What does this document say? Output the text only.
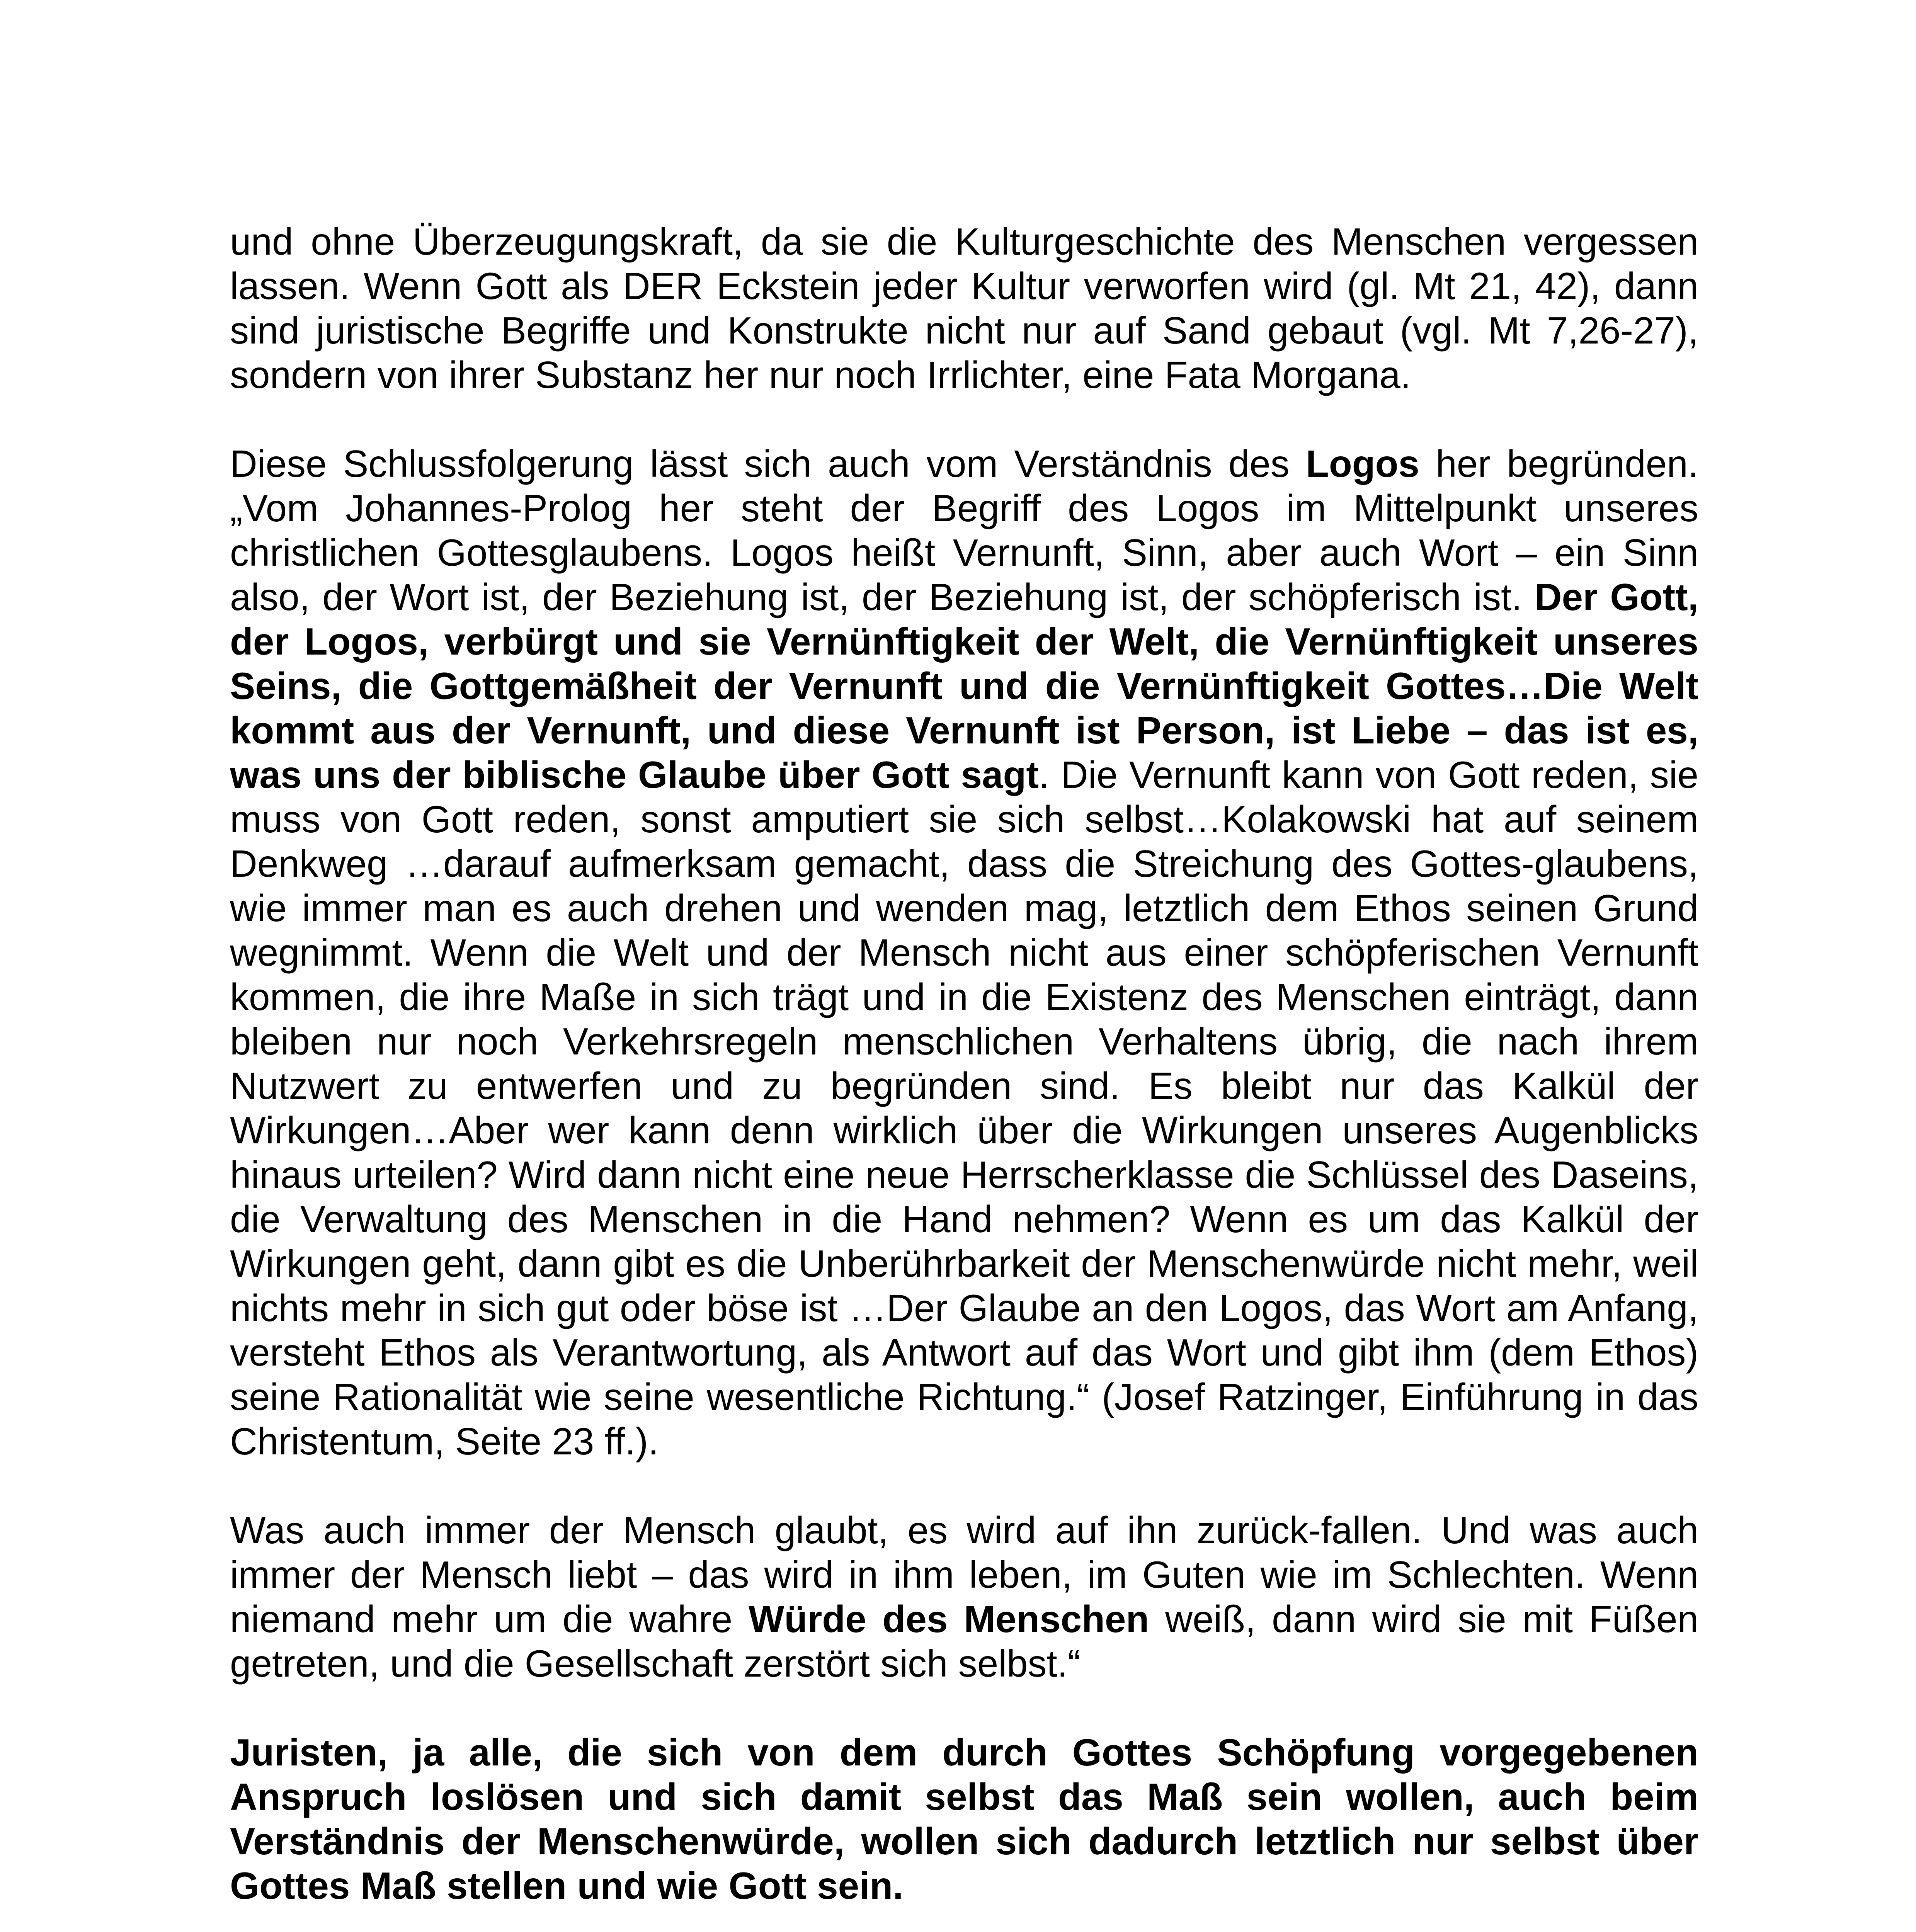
und ohne Überzeugungskraft, da sie die Kulturgeschichte des Menschen vergessen lassen. Wenn Gott als DER Eckstein jeder Kultur verworfen wird (gl. Mt 21, 42), dann sind juristische Begriffe und Konstrukte nicht nur auf Sand gebaut (vgl. Mt 7,26-27), sondern von ihrer Substanz her nur noch Irrlichter, eine Fata Morgana.

Diese Schlussfolgerung lässt sich auch vom Verständnis des Logos her begründen. „Vom Johannes-Prolog her steht der Begriff des Logos im Mittelpunkt unseres christlichen Gottesglaubens. Logos heißt Vernunft, Sinn, aber auch Wort – ein Sinn also, der Wort ist, der Beziehung ist, der Beziehung ist, der schöpferisch ist. Der Gott, der Logos, verbürgt und sie Vernünftigkeit der Welt, die Vernünftigkeit unseres Seins, die Gottgemäßheit der Vernunft und die Vernünftigkeit Gottes…Die Welt kommt aus der Vernunft, und diese Vernunft ist Person, ist Liebe – das ist es, was uns der biblische Glaube über Gott sagt. Die Vernunft kann von Gott reden, sie muss von Gott reden, sonst amputiert sie sich selbst…Kolakowski hat auf seinem Denkweg …darauf aufmerksam gemacht, dass die Streichung des Gottes-glaubens, wie immer man es auch drehen und wenden mag, letztlich dem Ethos seinen Grund wegnimmt. Wenn die Welt und der Mensch nicht aus einer schöpferischen Vernunft kommen, die ihre Maße in sich trägt und in die Existenz des Menschen einträgt, dann bleiben nur noch Verkehrsregeln menschlichen Verhaltens übrig, die nach ihrem Nutzwert zu entwerfen und zu begründen sind. Es bleibt nur das Kalkül der Wirkungen…Aber wer kann denn wirklich über die Wirkungen unseres Augenblicks hinaus urteilen? Wird dann nicht eine neue Herrscherklasse die Schlüssel des Daseins, die Verwaltung des Menschen in die Hand nehmen? Wenn es um das Kalkül der Wirkungen geht, dann gibt es die Unberührbarkeit der Menschenwürde nicht mehr, weil nichts mehr in sich gut oder böse ist …Der Glaube an den Logos, das Wort am Anfang, versteht Ethos als Verantwortung, als Antwort auf das Wort und gibt ihm (dem Ethos) seine Rationalität wie seine wesentliche Richtung.“ (Josef Ratzinger, Einführung in das Christentum, Seite 23 ff.).

Was auch immer der Mensch glaubt, es wird auf ihn zurück-fallen. Und was auch immer der Mensch liebt – das wird in ihm leben, im Guten wie im Schlechten. Wenn niemand mehr um die wahre Würde des Menschen weiß, dann wird sie mit Füßen getreten, und die Gesellschaft zerstört sich selbst.“

Juristen, ja alle, die sich von dem durch Gottes Schöpfung vorgegebenen Anspruch loslösen und sich damit selbst das Maß sein wollen, auch beim Verständnis der Menschenwürde, wollen sich dadurch letztlich nur selbst über Gottes Maß stellen und wie Gott sein.
